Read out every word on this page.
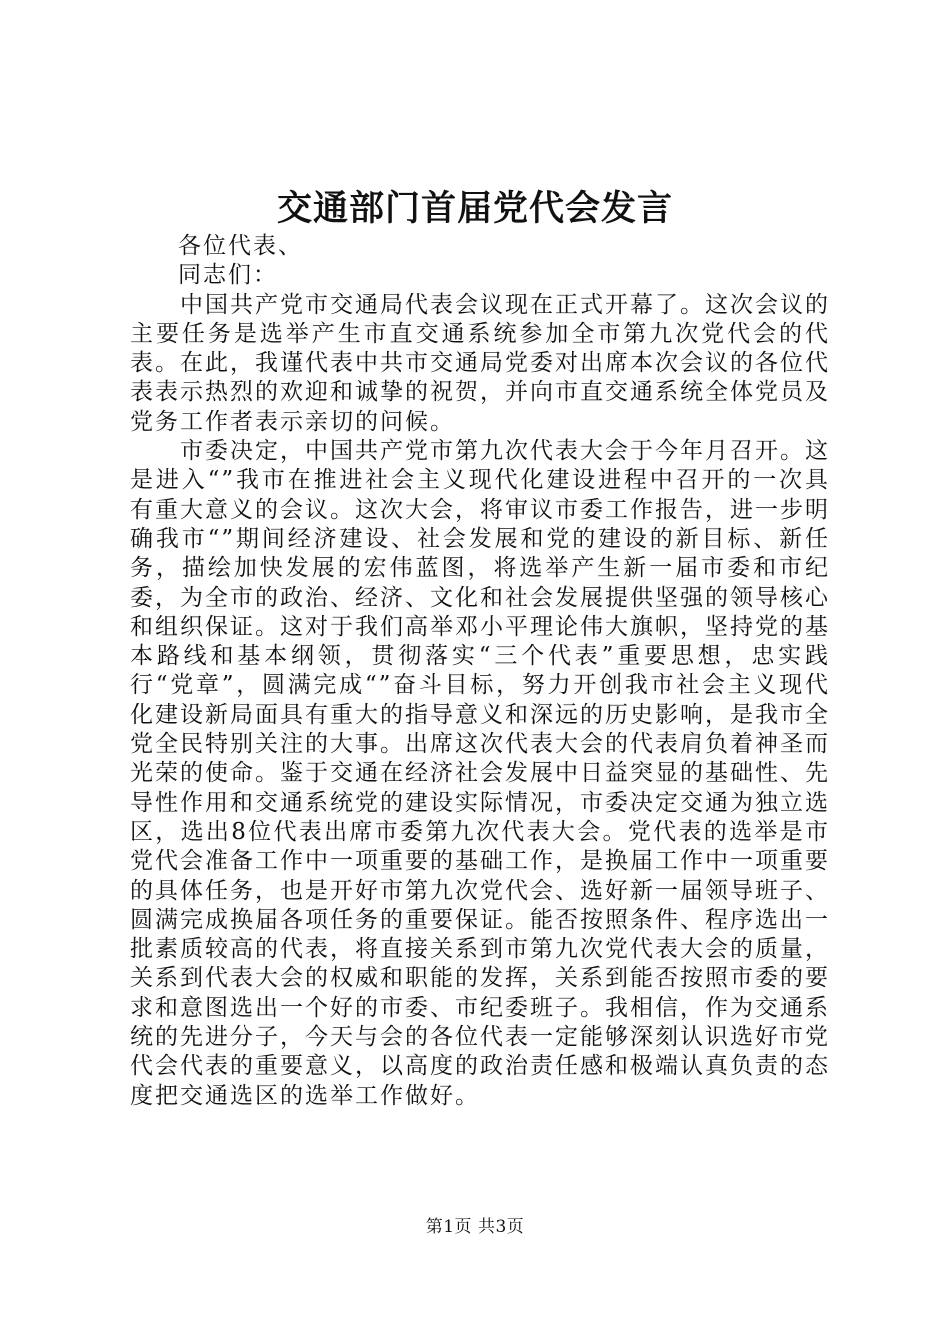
交通部门首届党代会发言
各位代表、
同志们：
中国共产党市交通局代表会议现在正式开幕了。这次会议的主要任务是选举产生市直交通系统参加全市第九次党代会的代表。在此，我谨代表中共市交通局党委对出席本次会议的各位代表表示热烈的欢迎和诚挚的祝贺，并向市直交通系统全体党员及党务工作者表示亲切的问候。
市委决定，中国共产党市第九次代表大会于今年月召开。这是进入“”我市在推进社会主义现代化建设进程中召开的一次具有重大意义的会议。这次大会，将审议市委工作报告，进一步明确我市“”期间经济建设、社会发展和党的建设的新目标、新任务，描绘加快发展的宏伟蓝图，将选举产生新一届市委和市纪委，为全市的政治、经济、文化和社会发展提供坚强的领导核心和组织保证。这对于我们高举邓小平理论伟大旗帜，坚持党的基本路线和基本纲领，贯彻落实“三个代表”重要思想，忠实践行“党章”，圆满完成“”奋斗目标，努力开创我市社会主义现代化建设新局面具有重大的指导意义和深远的历史影响，是我市全党全民特别关注的大事。出席这次代表大会的代表肩负着神圣而光荣的使命。鉴于交通在经济社会发展中日益突显的基础性、先导性作用和交通系统党的建设实际情况，市委决定交通为独立选区，选出8位代表出席市委第九次代表大会。党代表的选举是市党代会准备工作中一项重要的基础工作，是换届工作中一项重要的具体任务，也是开好市第九次党代会、选好新一届领导班子、圆满完成换届各项任务的重要保证。能否按照条件、程序选出一批素质较高的代表，将直接关系到市第九次党代表大会的质量，关系到代表大会的权威和职能的发挥，关系到能否按照市委的要求和意图选出一个好的市委、市纪委班子。我相信，作为交通系统的先进分子，今天与会的各位代表一定能够深刻认识选好市党代会代表的重要意义，以高度的政治责任感和极端认真负责的态度把交通选区的选举工作做好。
第1页 共3页
